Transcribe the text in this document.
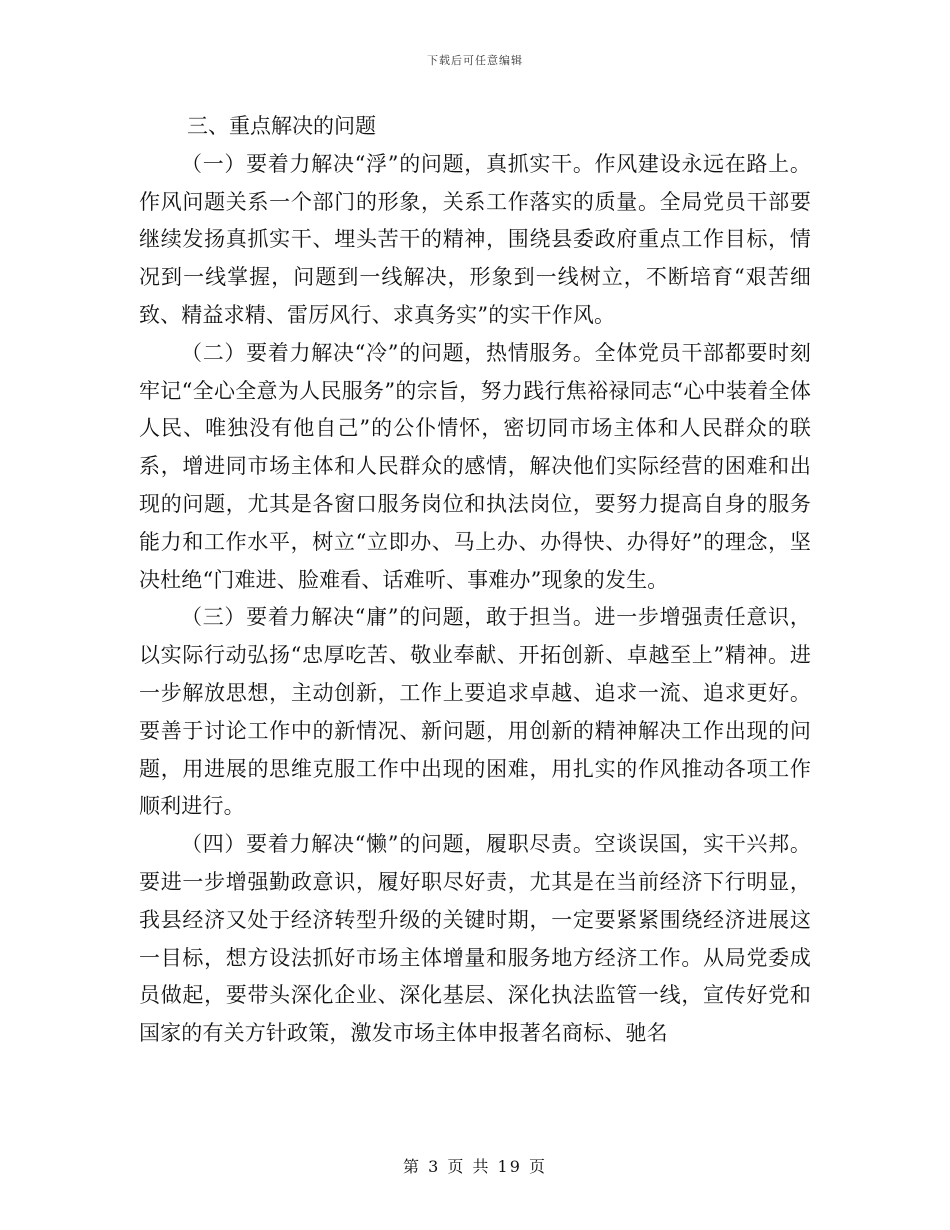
下载后可任意编辑
三、重点解决的问题

（一）要着力解决“浮”的问题，真抓实干。作风建设永远在路上。作风问题关系一个部门的形象，关系工作落实的质量。全局党员干部要继续发扬真抓实干、埋头苦干的精神，围绕县委政府重点工作目标，情况到一线掌握，问题到一线解决，形象到一线树立，不断培育“艰苦细致、精益求精、雷厉风行、求真务实”的实干作风。

（二）要着力解决“冷”的问题，热情服务。全体党员干部都要时刻牢记“全心全意为人民服务”的宗旨，努力践行焦裕禄同志“心中装着全体人民、唯独没有他自己”的公仆情怀，密切同市场主体和人民群众的联系，增进同市场主体和人民群众的感情，解决他们实际经营的困难和出现的问题，尤其是各窗口服务岗位和执法岗位，要努力提高自身的服务能力和工作水平，树立“立即办、马上办、办得快、办得好”的理念，坚决杜绝“门难进、脸难看、话难听、事难办”现象的发生。

（三）要着力解决“庸”的问题，敢于担当。进一步增强责任意识，以实际行动弘扬“忠厚吃苦、敬业奉献、开拓创新、卓越至上”精神。进一步解放思想，主动创新，工作上要追求卓越、追求一流、追求更好。要善于讨论工作中的新情况、新问题，用创新的精神解决工作出现的问题，用进展的思维克服工作中出现的困难，用扎实的作风推动各项工作顺利进行。

（四）要着力解决“懒”的问题，履职尽责。空谈误国，实干兴邦。要进一步增强勤政意识，履好职尽好责，尤其是在当前经济下行明显，我县经济又处于经济转型升级的关键时期，一定要紧紧围绕经济进展这一目标，想方设法抓好市场主体增量和服务地方经济工作。从局党委成员做起，要带头深化企业、深化基层、深化执法监管一线，宣传好党和国家的有关方针政策，激发市场主体申报著名商标、驰名

第 3 页 共 19 页
